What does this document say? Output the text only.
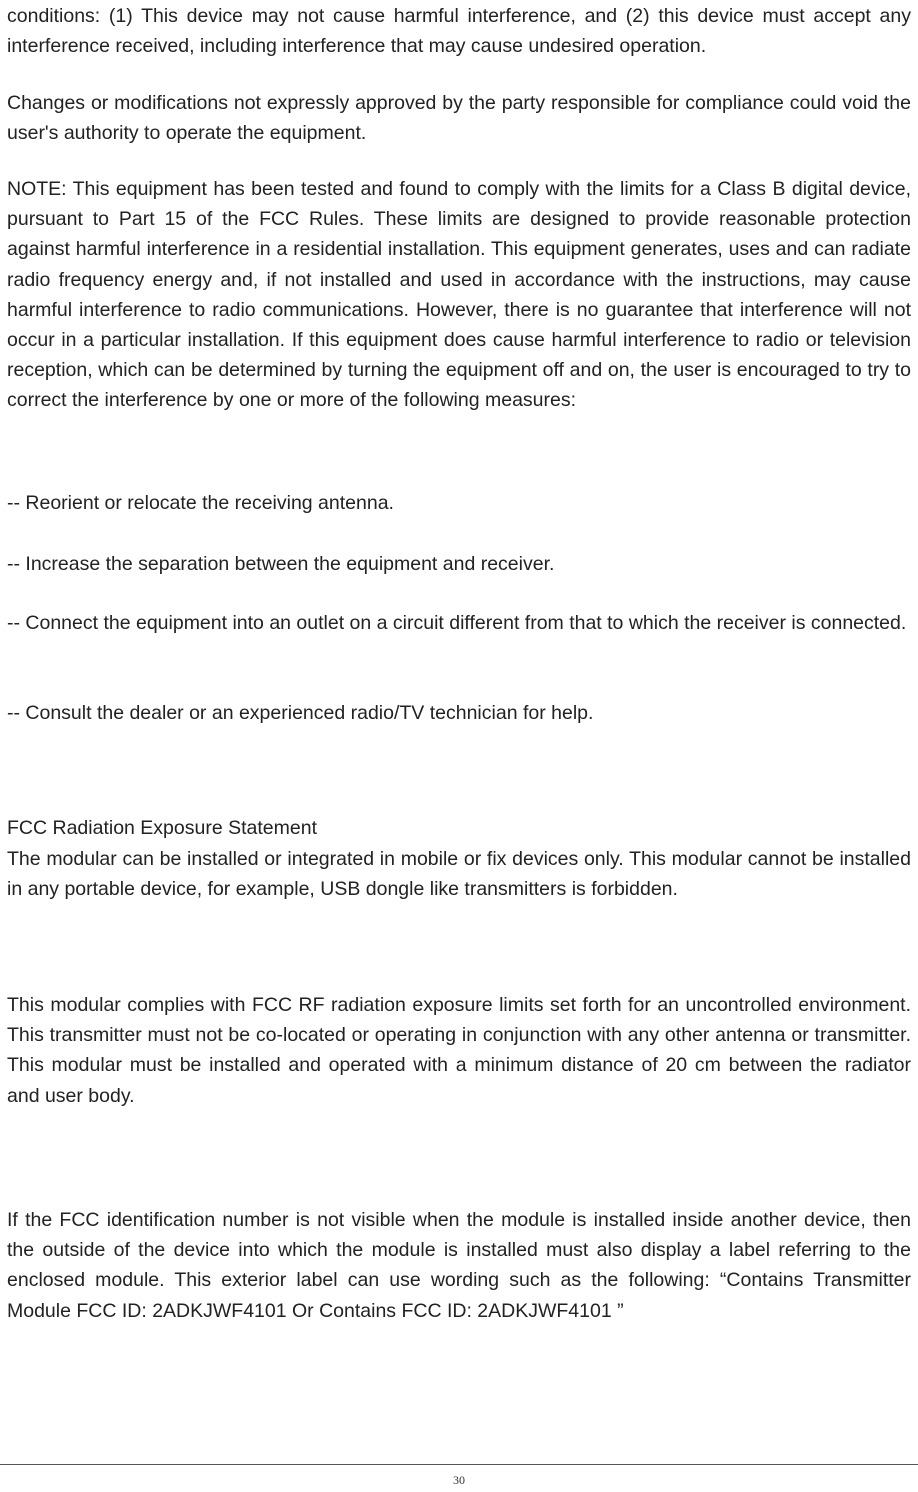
conditions: (1) This device may not cause harmful interference, and (2) this device must accept any interference received, including interference that may cause undesired operation.

Changes or modifications not expressly approved by the party responsible for compliance could void the user's authority to operate the equipment.

NOTE: This equipment has been tested and found to comply with the limits for a Class B digital device, pursuant to Part 15 of the FCC Rules. These limits are designed to provide reasonable protection against harmful interference in a residential installation. This equipment generates, uses and can radiate radio frequency energy and, if not installed and used in accordance with the instructions, may cause harmful interference to radio communications. However, there is no guarantee that interference will not occur in a particular installation. If this equipment does cause harmful interference to radio or television reception, which can be determined by turning the equipment off and on, the user is encouraged to try to correct the interference by one or more of the following measures:

-- Reorient or relocate the receiving antenna.

-- Increase the separation between the equipment and receiver.

-- Connect the equipment into an outlet on a circuit different from that to which the receiver is connected.

-- Consult the dealer or an experienced radio/TV technician for help.

FCC Radiation Exposure Statement

The modular can be installed or integrated in mobile or fix devices only. This modular cannot be installed in any portable device, for example, USB dongle like transmitters is forbidden.

This modular complies with FCC RF radiation exposure limits set forth for an uncontrolled environment. This transmitter must not be co-located or operating in conjunction with any other antenna or transmitter. This modular must be installed and operated with a minimum distance of 20 cm between the radiator and user body.

If the FCC identification number is not visible when the module is installed inside another device, then the outside of the device into which the module is installed must also display a label referring to the enclosed module. This exterior label can use wording such as the following: “Contains Transmitter Module FCC ID: 2ADKJWF4101 Or Contains FCC ID: 2ADKJWF4101 ”

30
